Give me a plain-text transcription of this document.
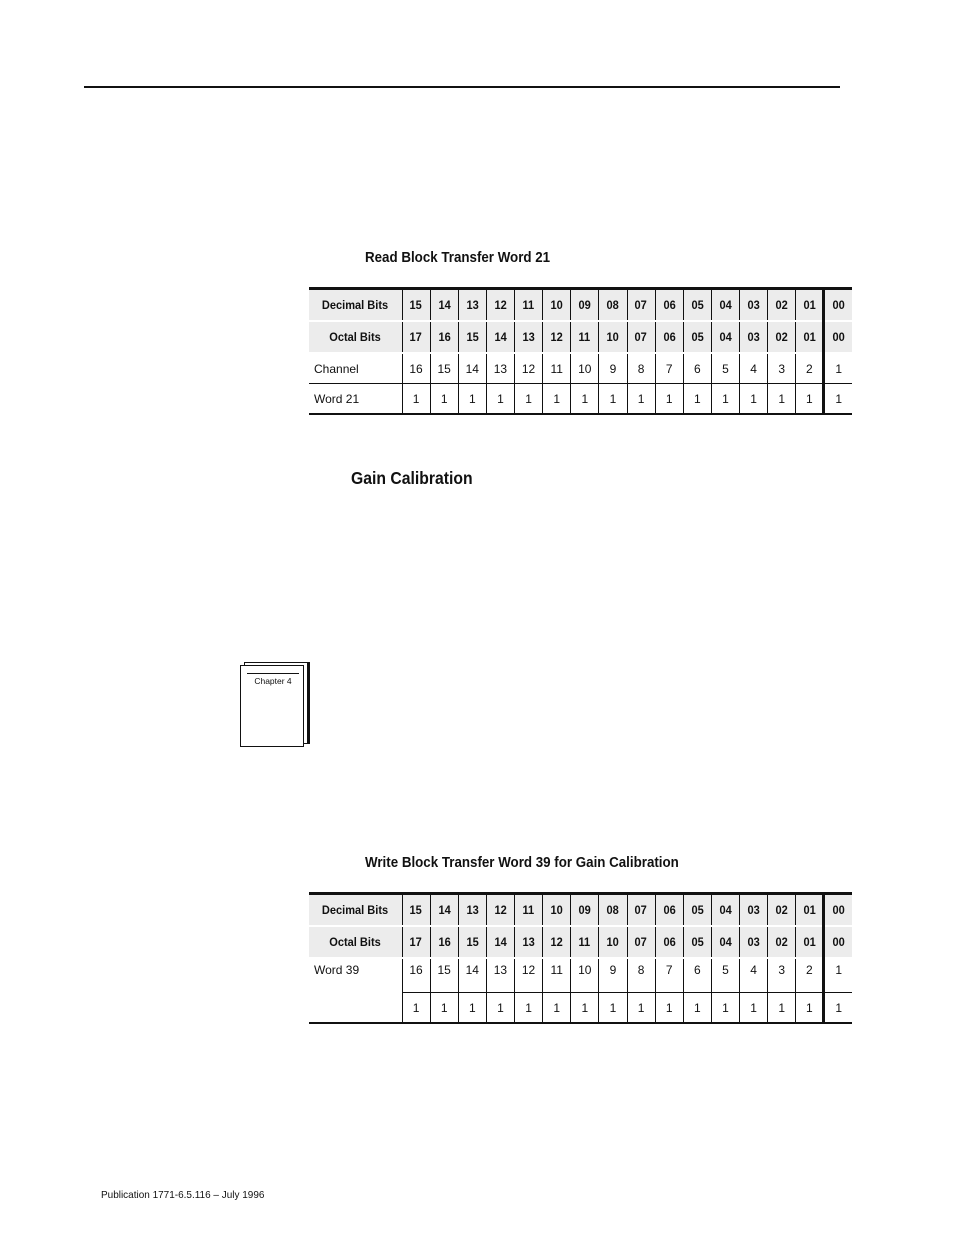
Read Block Transfer Word 21
Decimal Bits	15	14	13	12	11	10	09	08	07	06	05	04	03	02	01	00
Octal Bits	17	16	15	14	13	12	11	10	07	06	05	04	03	02	01	00
Channel	16	15	14	13	12	11	10	9	8	7	6	5	4	3	2	1
Word 21	1	1	1	1	1	1	1	1	1	1	1	1	1	1	1	1
Gain Calibration
Chapter 4
Write Block Transfer Word 39 for Gain Calibration
Decimal Bits	15	14	13	12	11	10	09	08	07	06	05	04	03	02	01	00
Octal Bits	17	16	15	14	13	12	11	10	07	06	05	04	03	02	01	00
Word 39	16	15	14	13	12	11	10	9	8	7	6	5	4	3	2	1
	1	1	1	1	1	1	1	1	1	1	1	1	1	1	1	1
Publication 1771-6.5.116 – July 1996
